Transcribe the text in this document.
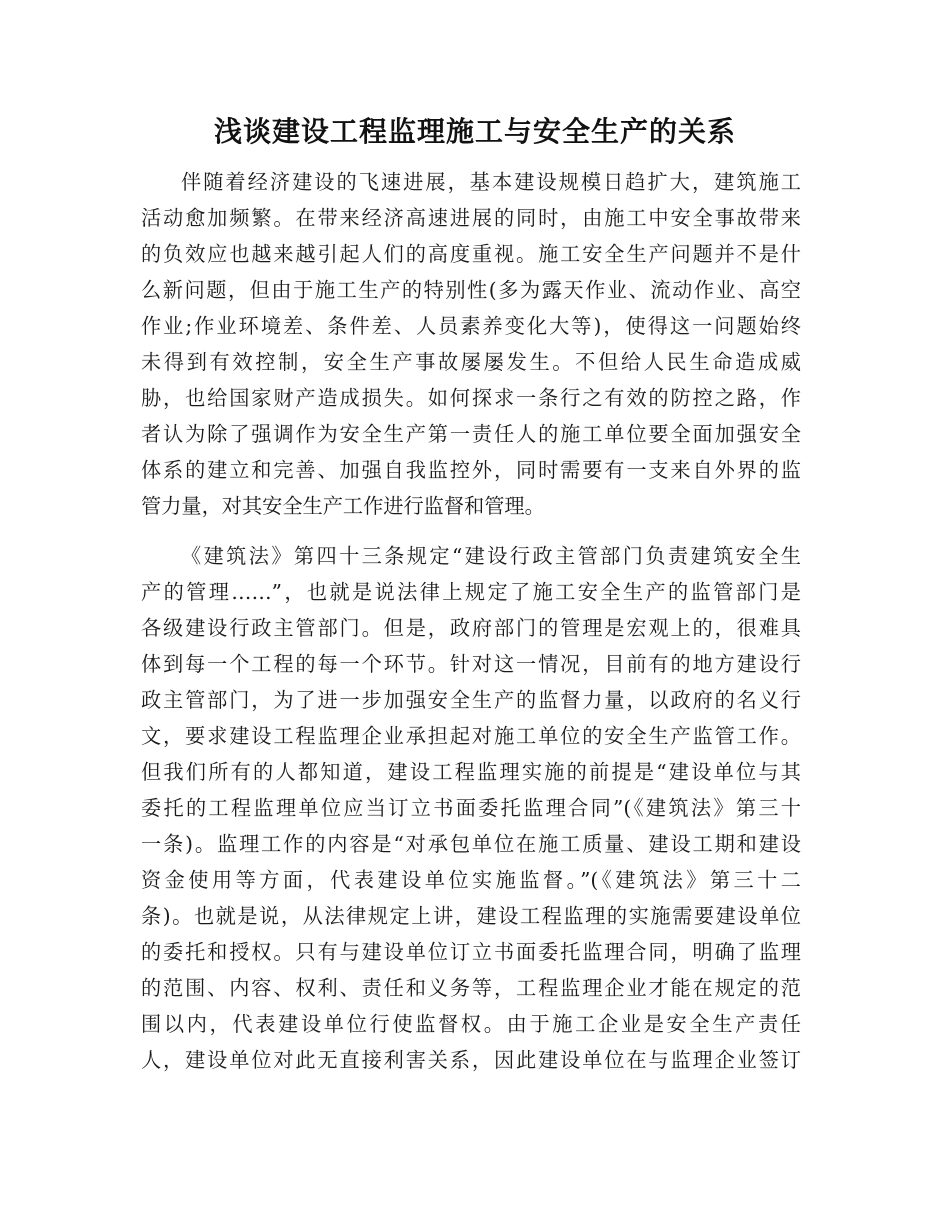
浅谈建设工程监理施工与安全生产的关系
伴随着经济建设的飞速进展，基本建设规模日趋扩大，建筑施工
活动愈加频繁。在带来经济高速进展的同时，由施工中安全事故带来
的负效应也越来越引起人们的高度重视。施工安全生产问题并不是什
么新问题，但由于施工生产的特别性(多为露天作业、流动作业、高空
作业;作业环境差、条件差、人员素养变化大等)，使得这一问题始终
未得到有效控制，安全生产事故屡屡发生。不但给人民生命造成威
胁，也给国家财产造成损失。如何探求一条行之有效的防控之路，作
者认为除了强调作为安全生产第一责任人的施工单位要全面加强安全
体系的建立和完善、加强自我监控外，同时需要有一支来自外界的监
管力量，对其安全生产工作进行监督和管理。
《建筑法》第四十三条规定“建设行政主管部门负责建筑安全生
产的管理……”，也就是说法律上规定了施工安全生产的监管部门是
各级建设行政主管部门。但是，政府部门的管理是宏观上的，很难具
体到每一个工程的每一个环节。针对这一情况，目前有的地方建设行
政主管部门，为了进一步加强安全生产的监督力量，以政府的名义行
文，要求建设工程监理企业承担起对施工单位的安全生产监管工作。
但我们所有的人都知道，建设工程监理实施的前提是“建设单位与其
委托的工程监理单位应当订立书面委托监理合同”(《建筑法》第三十
一条)。监理工作的内容是“对承包单位在施工质量、建设工期和建设
资金使用等方面，代表建设单位实施监督。”(《建筑法》第三十二
条)。也就是说，从法律规定上讲，建设工程监理的实施需要建设单位
的委托和授权。只有与建设单位订立书面委托监理合同，明确了监理
的范围、内容、权利、责任和义务等，工程监理企业才能在规定的范
围以内，代表建设单位行使监督权。由于施工企业是安全生产责任
人，建设单位对此无直接利害关系，因此建设单位在与监理企业签订
